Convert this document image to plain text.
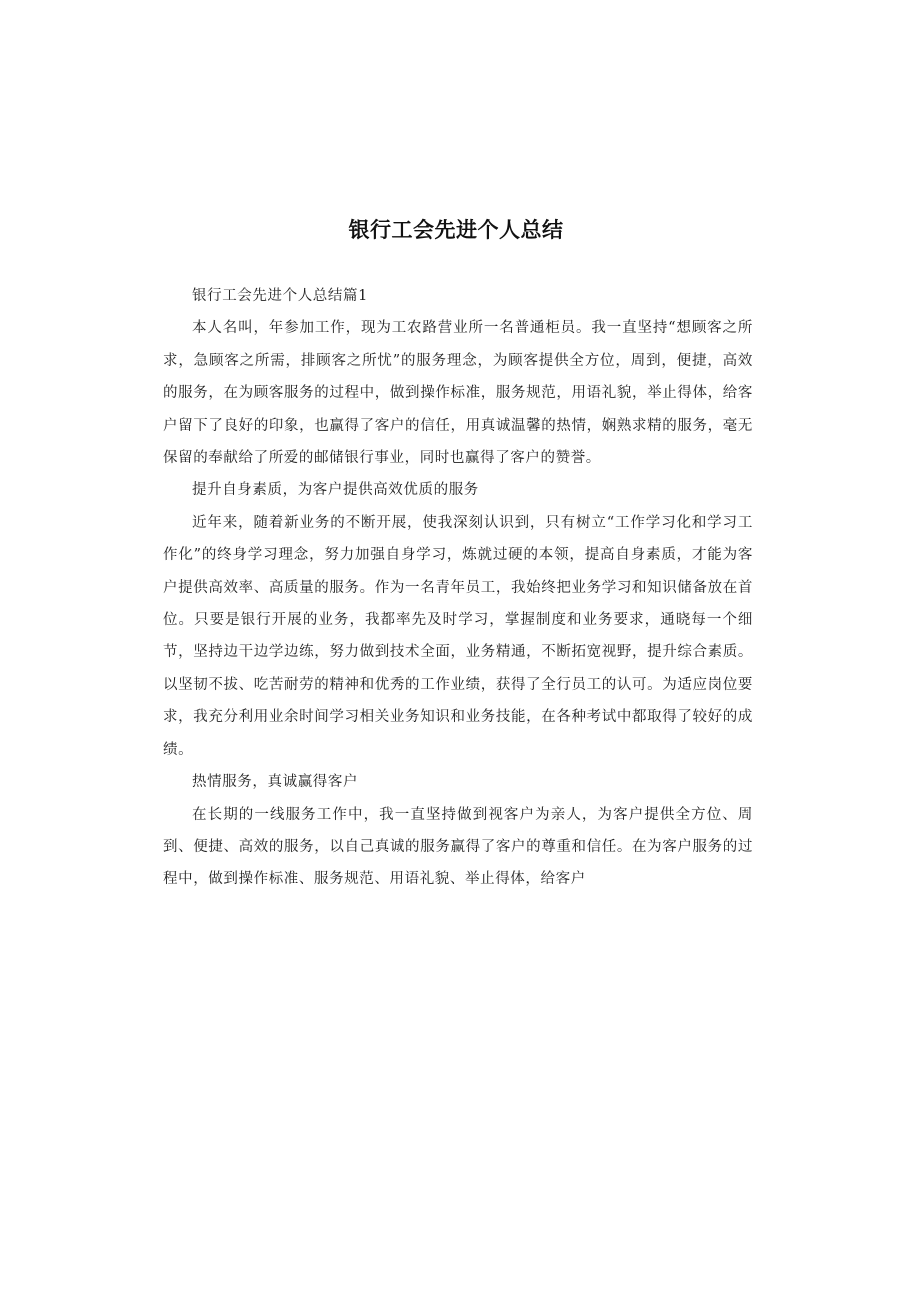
银行工会先进个人总结

银行工会先进个人总结篇1

本人名叫，年参加工作，现为工农路营业所一名普通柜员。我一直坚持“想顾客之所求，急顾客之所需，排顾客之所忧”的服务理念，为顾客提供全方位，周到，便捷，高效的服务，在为顾客服务的过程中，做到操作标准，服务规范，用语礼貌，举止得体，给客户留下了良好的印象，也赢得了客户的信任，用真诚温馨的热情，娴熟求精的服务，毫无保留的奉献给了所爱的邮储银行事业，同时也赢得了客户的赞誉。

提升自身素质，为客户提供高效优质的服务

近年来，随着新业务的不断开展，使我深刻认识到，只有树立“工作学习化和学习工作化”的终身学习理念，努力加强自身学习，炼就过硬的本领，提高自身素质，才能为客户提供高效率、高质量的服务。作为一名青年员工，我始终把业务学习和知识储备放在首位。只要是银行开展的业务，我都率先及时学习，掌握制度和业务要求，通晓每一个细节，坚持边干边学边练，努力做到技术全面，业务精通，不断拓宽视野，提升综合素质。以坚韧不拔、吃苦耐劳的精神和优秀的工作业绩，获得了全行员工的认可。为适应岗位要求，我充分利用业余时间学习相关业务知识和业务技能，在各种考试中都取得了较好的成绩。

热情服务，真诚赢得客户

在长期的一线服务工作中，我一直坚持做到视客户为亲人，为客户提供全方位、周到、便捷、高效的服务，以自己真诚的服务赢得了客户的尊重和信任。在为客户服务的过程中，做到操作标准、服务规范、用语礼貌、举止得体，给客户
